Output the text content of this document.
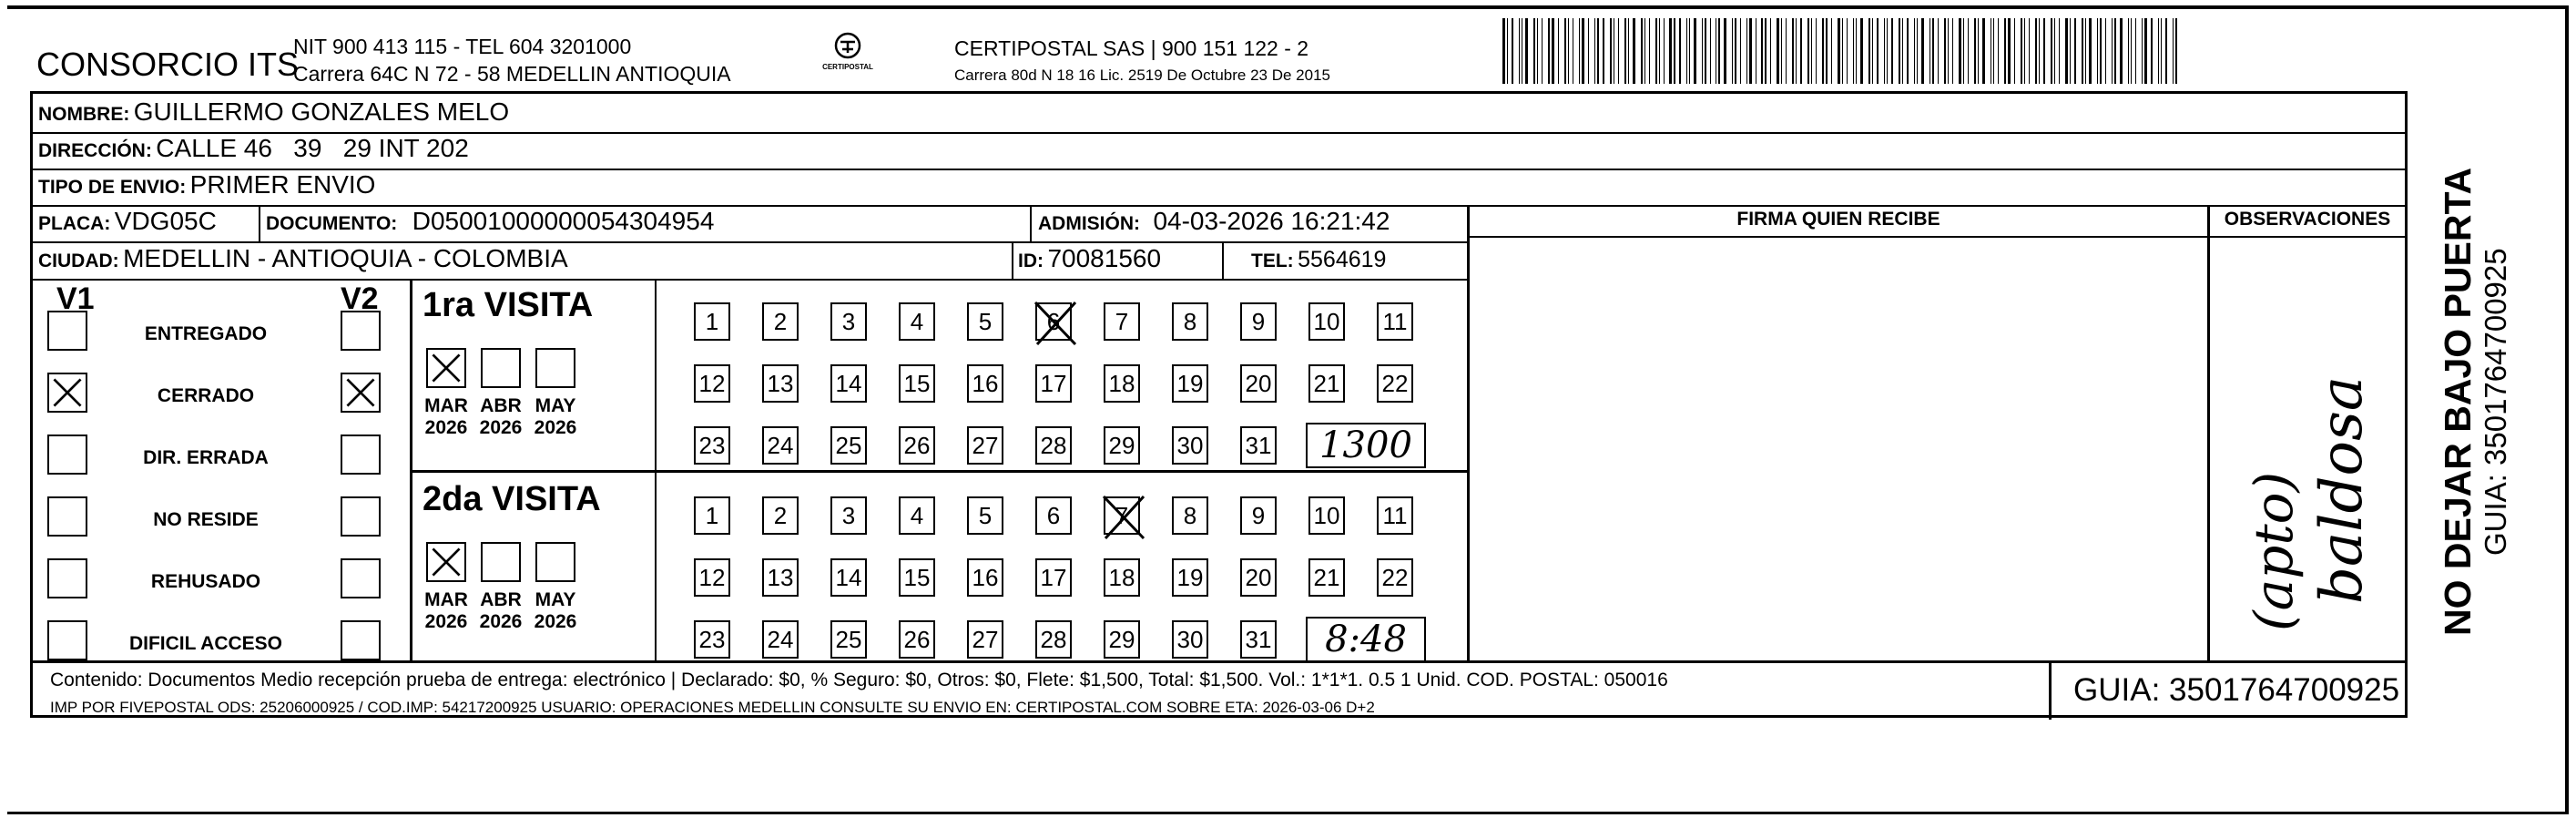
CONSORCIO ITS
NIT 900 413 115 - TEL 604 3201000
Carrera 64C N 72 - 58 MEDELLIN ANTIOQUIA	CERTIPOSTAL
CERTIPOSTAL SAS | 900 151 122 - 2
Carrera 80d N 18 16 Lic. 2519 De Octubre 23 De 2015
NOMBRE: GUILLERMO GONZALES MELO
DIRECCIÓN: CALLE 46   39   29 INT 202
TIPO DE ENVIO: PRIMER ENVIO
PLACA: VDG05C	DOCUMENTO: D05001000000054304954	ADMISIÓN: 04-03-2026 16:21:42
CIUDAD: MEDELLIN - ANTIOQUIA - COLOMBIA	ID: 70081560	TEL: 5564619
FIRMA QUIEN RECIBE	OBSERVACIONES
(apto) baldosa
V1	V2
ENTREGADO
CERRADO
DIR. ERRADA
NO RESIDE
REHUSADO
DIFICIL ACCESO
1ra VISITA
MAR
2026
ABR
2026
MAY
2026
1	2	3	4	5	6	7	8	9	10 11
12 13 14 15 16 17 18 19 20 21 22
23 24 25 26 27 28 29 30 31	1300
2da VISITA
MAR
2026
ABR
2026
MAY
2026
1	2	3	4	5	6	7	8	9	10 11
12 13 14 15 16 17 18 19 20 21 22
23 24 25 26 27 28 29 30 31	8:48
Contenido: Documentos Medio recepción prueba de entrega: electrónico | Declarado: $0, % Seguro: $0, Otros: $0, Flete: $1,500, Total: $1,500. Vol.: 1*1*1. 0.5 1 Unid. COD. POSTAL: 050016
IMP POR FIVEPOSTAL ODS: 25206000925 / COD.IMP: 54217200925 USUARIO: OPERACIONES MEDELLIN CONSULTE SU ENVIO EN: CERTIPOSTAL.COM SOBRE ETA: 2026-03-06 D+2	GUIA: 3501764700925
NO DEJAR BAJO PUERTA GUIA: 3501764700925
